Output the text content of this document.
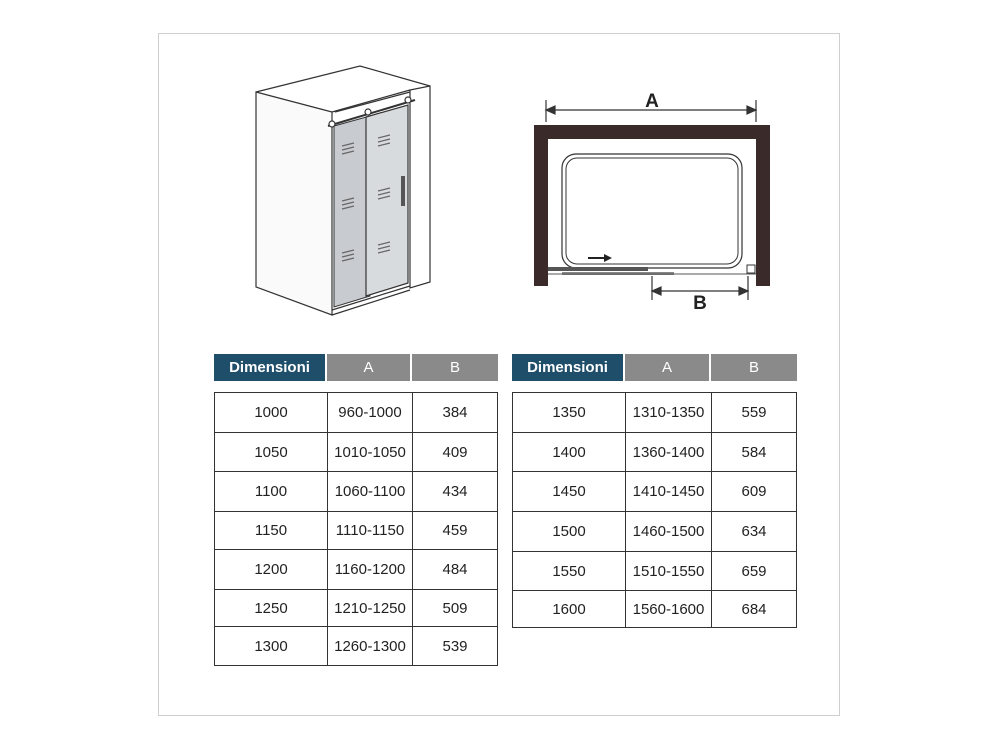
A
B
Dimensioni	A	B
1000	960-1000	384
1050	1010-1050	409
1100	1060-1100	434
1150	1110-1150	459
1200	1160-1200	484
1250	1210-1250	509
1300	1260-1300	539
Dimensioni	A	B
1350	1310-1350	559
1400	1360-1400	584
1450	1410-1450	609
1500	1460-1500	634
1550	1510-1550	659
1600	1560-1600	684
